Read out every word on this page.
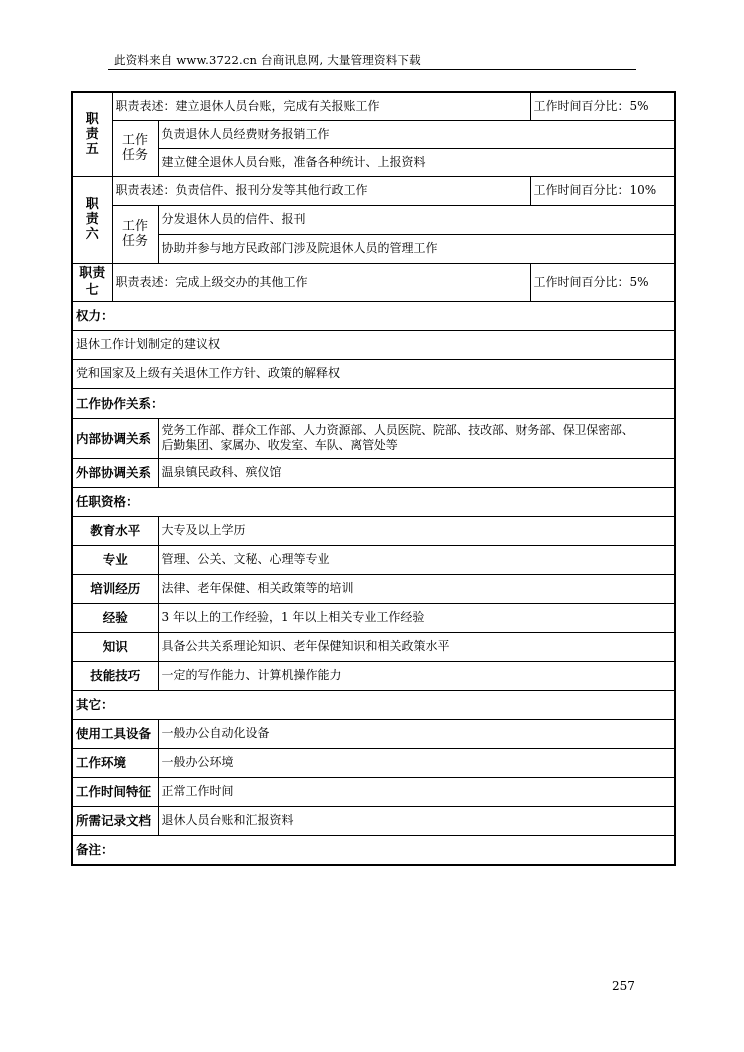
此资料来自 www.3722.cn 台商讯息网, 大量管理资料下载
职
责
五	职责表述：建立退休人员台账，完成有关报账工作		工作时间百分比：5%

	工作
任务	负责退休人员经费财务报销工作	
		建立健全退休人员台账，准备各种统计、上报资料	

职
责
六	职责表述：负责信件、报刊分发等其他行政工作		工作时间百分比：10%

	工作
任务	分发退休人员的信件、报刊	
		协助并参与地方民政部门涉及院退休人员的管理工作	

职责
七	职责表述：完成上级交办的其他工作		工作时间百分比：5%
权力：			
退休工作计划制定的建议权			
党和国家及上级有关退休工作方针、政策的解释权			
工作协作关系：			
内部协调关系		党务工作部、群众工作部、人力资源部、人员医院、院部、技改部、财务部、保卫保密部、
后勤集团、家属办、收发室、车队、离管处等	

外部协调关系		温泉镇民政科、殡仪馆	
任职资格：			
教育水平		大专及以上学历	
专业		管理、公关、文秘、心理等专业	
培训经历		法律、老年保健、相关政策等的培训	
经验		3 年以上的工作经验，1 年以上相关专业工作经验	
知识		具备公共关系理论知识、老年保健知识和相关政策水平	
技能技巧		一定的写作能力、计算机操作能力	
其它：			
使用工具设备		一般办公自动化设备	
工作环境		一般办公环境	
工作时间特征		正常工作时间	
所需记录文档		退休人员台账和汇报资料	
备注：			
257
